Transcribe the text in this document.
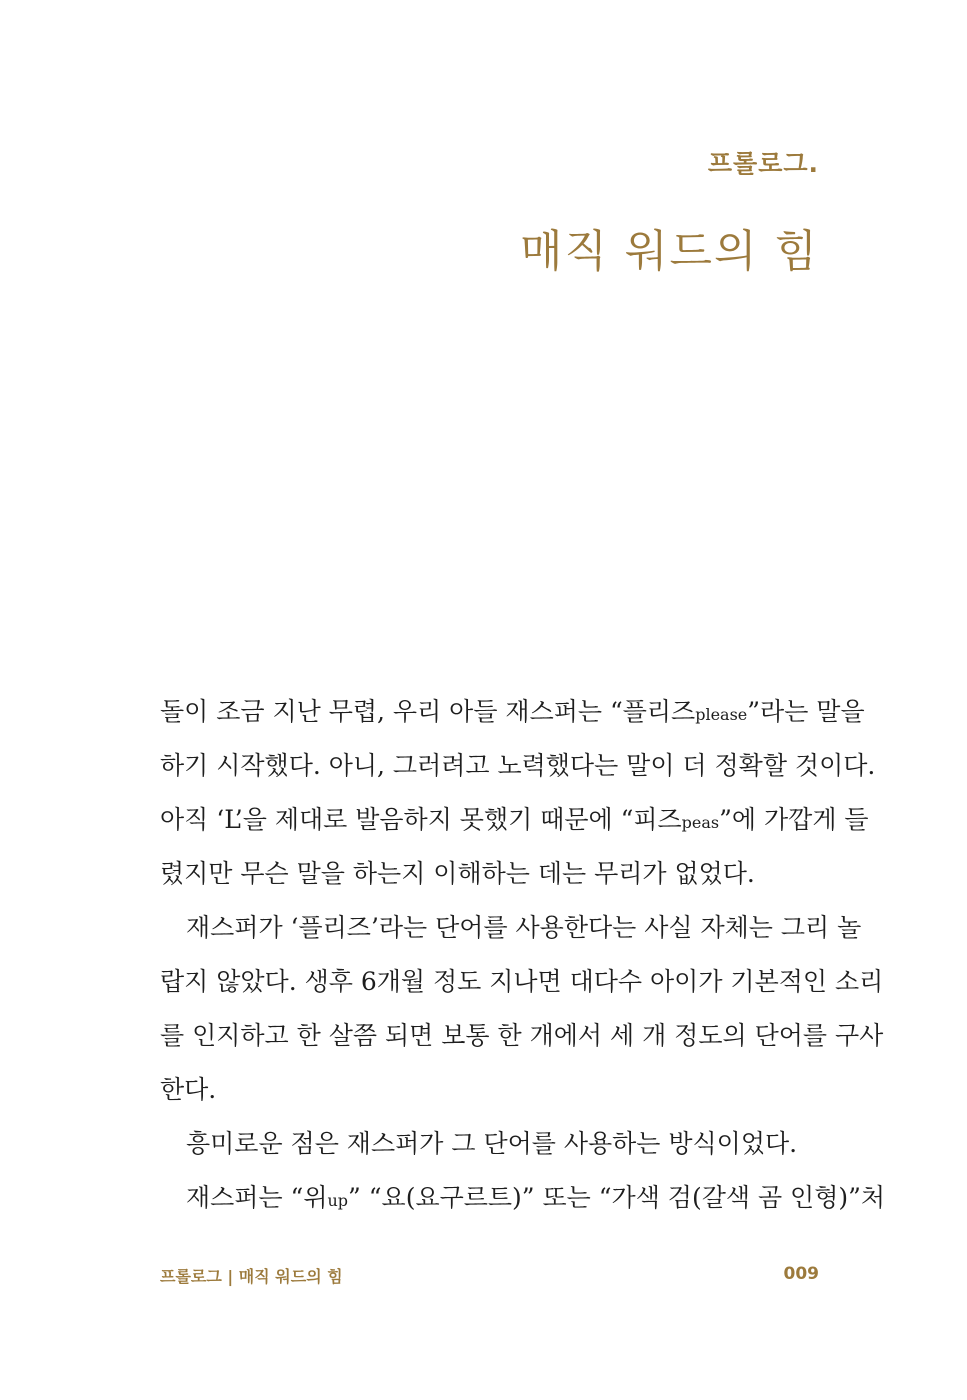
프롤로그.
매직 워드의 힘
돌이 조금 지난 무렵, 우리 아들 재스퍼는 “플리즈please”라는 말을
하기 시작했다. 아니, 그러려고 노력했다는 말이 더 정확할 것이다.
아직 ‘L’을 제대로 발음하지 못했기 때문에 “피즈peas”에 가깝게 들
렸지만 무슨 말을 하는지 이해하는 데는 무리가 없었다.
재스퍼가 ‘플리즈’라는 단어를 사용한다는 사실 자체는 그리 놀
랍지 않았다. 생후 6개월 정도 지나면 대다수 아이가 기본적인 소리
를 인지하고 한 살쯤 되면 보통 한 개에서 세 개 정도의 단어를 구사
한다.
흥미로운 점은 재스퍼가 그 단어를 사용하는 방식이었다.
재스퍼는 “위up” “요(요구르트)” 또는 “가색 검(갈색 곰 인형)”처
프롤로그 | 매직 워드의 힘	009
